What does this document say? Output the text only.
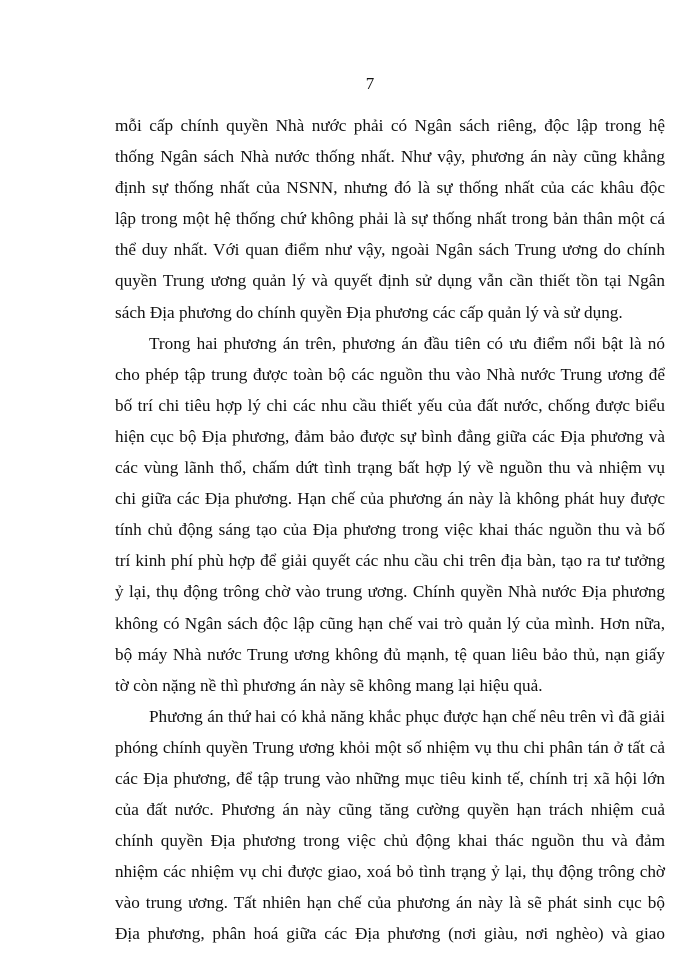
7
mỗi cấp chính quyền Nhà nước phải có Ngân sách riêng, độc lập trong hệ
thống Ngân sách Nhà nước thống nhất. Như vậy, phương án này cũng khẳng
định sự thống nhất của NSNN, nhưng đó là sự thống nhất của các khâu độc
lập trong một hệ thống chứ không phải là sự thống nhất trong bản thân một cá
thể duy nhất. Với quan điểm như vậy, ngoài Ngân sách Trung ương do chính
quyền Trung ương quản lý và quyết định sử dụng vẫn cần thiết tồn tại Ngân
sách Địa phương do chính quyền Địa phương các cấp quản lý và sử dụng.
Trong hai phương án trên, phương án đầu tiên có ưu điểm nổi bật là nó
cho phép tập trung được toàn bộ các nguồn thu vào Nhà nước Trung ương để
bố trí chi tiêu hợp lý chi các nhu cầu thiết yếu của đất nước, chống được biểu
hiện cục bộ Địa phương, đảm bảo được sự bình đẳng giữa các Địa phương và
các vùng lãnh thổ, chấm dứt tình trạng bất hợp lý về nguồn thu và nhiệm vụ
chi giữa các Địa phương. Hạn chế của phương án này là không phát huy được
tính chủ động sáng tạo của Địa phương trong việc khai thác nguồn thu và bố
trí kinh phí phù hợp để giải quyết các nhu cầu chi trên địa bàn, tạo ra tư tưởng
ỷ lại, thụ động trông chờ vào trung ương. Chính quyền Nhà nước Địa phương
không có Ngân sách độc lập cũng hạn chế vai trò quản lý của mình. Hơn nữa,
bộ máy Nhà nước Trung ương không đủ mạnh, tệ quan liêu bảo thủ, nạn giấy
tờ còn nặng nề thì phương án này sẽ không mang lại hiệu quả.
Phương án thứ hai có khả năng khắc phục được hạn chế nêu trên vì đã giải
phóng chính quyền Trung ương khỏi một số nhiệm vụ thu chi phân tán ở tất cả
các Địa phương, để tập trung vào những mục tiêu kinh tế, chính trị xã hội lớn
của đất nước. Phương án này cũng tăng cường quyền hạn trách nhiệm cuả
chính quyền Địa phương trong việc chủ động khai thác nguồn thu và đảm
nhiệm các nhiệm vụ chi được giao, xoá bỏ tình trạng ỷ lại, thụ động trông chờ
vào trung ương. Tất nhiên hạn chế của phương án này là sẽ phát sinh cục bộ
Địa phương, phân hoá giữa các Địa phương (nơi giàu, nơi nghèo) và giao
